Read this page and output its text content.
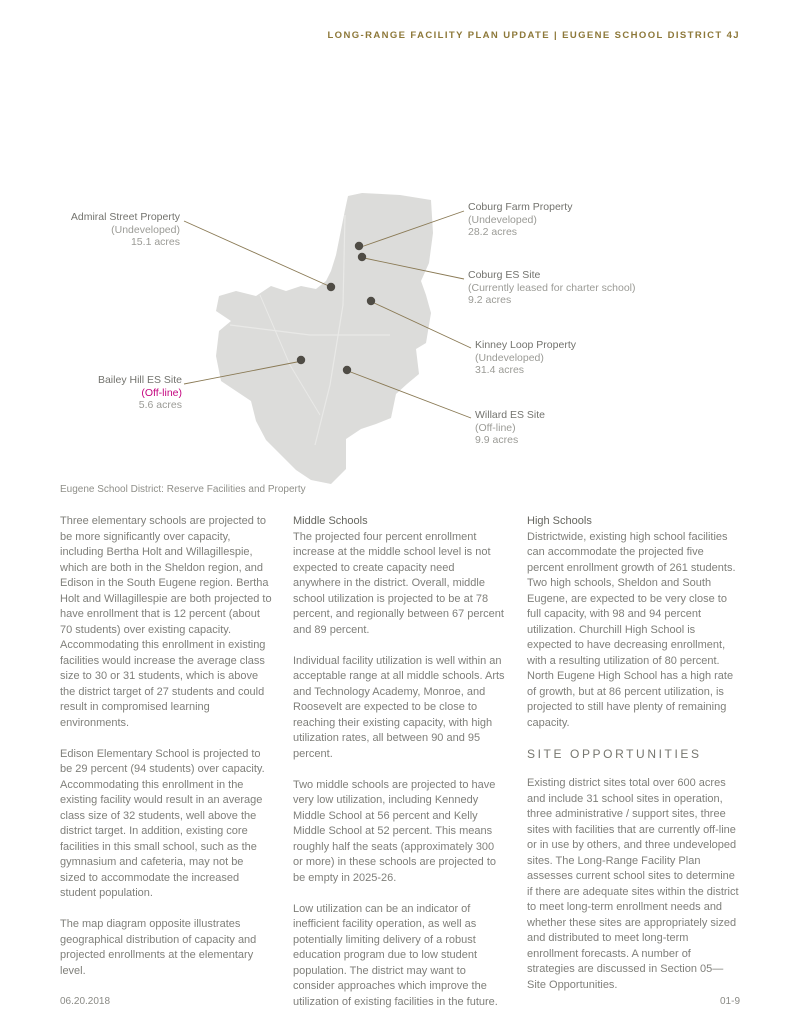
LONG-RANGE FACILITY PLAN UPDATE | EUGENE SCHOOL DISTRICT 4J
Admiral Street Property
(Undeveloped)
15.1 acres
Coburg Farm Property
(Undeveloped)
28.2 acres
Coburg ES Site
(Currently leased for charter school)
9.2 acres
Kinney Loop Property
(Undeveloped)
31.4 acres
Bailey Hill ES Site
(Off-line)
5.6 acres
Willard ES Site
(Off-line)
9.9 acres
Eugene School District: Reserve Facilities and Property

Three elementary schools are projected to be more significantly over capacity, including Bertha Holt and Willagillespie, which are both in the Sheldon region, and Edison in the South Eugene region. Bertha Holt and Willagillespie are both projected to have enrollment that is 12 percent (about 70 students) over existing capacity. Accommodating this enrollment in existing facilities would increase the average class size to 30 or 31 students, which is above the district target of 27 students and could result in compromised learning environments.

Edison Elementary School is projected to be 29 percent (94 students) over capacity. Accommodating this enrollment in the existing facility would result in an average class size of 32 students, well above the district target. In addition, existing core facilities in this small school, such as the gymnasium and cafeteria, may not be sized to accommodate the increased student population.

The map diagram opposite illustrates geographical distribution of capacity and projected enrollments at the elementary level.

Middle Schools

The projected four percent enrollment increase at the middle school level is not expected to create capacity need anywhere in the district. Overall, middle school utilization is projected to be at 78 percent, and regionally between 67 percent and 89 percent.

Individual facility utilization is well within an acceptable range at all middle schools. Arts and Technology Academy, Monroe, and Roosevelt are expected to be close to reaching their existing capacity, with high utilization rates, all between 90 and 95 percent.

Two middle schools are projected to have very low utilization, including Kennedy Middle School at 56 percent and Kelly Middle School at 52 percent. This means roughly half the seats (approximately 300 or more) in these schools are projected to be empty in 2025-26.

Low utilization can be an indicator of inefficient facility operation, as well as potentially limiting delivery of a robust education program due to low student population. The district may want to consider approaches which improve the utilization of existing facilities in the future.

High Schools

Districtwide, existing high school facilities can accommodate the projected five percent enrollment growth of 261 students. Two high schools, Sheldon and South Eugene, are expected to be very close to full capacity, with 98 and 94 percent utilization. Churchill High School is expected to have decreasing enrollment, with a resulting utilization of 80 percent. North Eugene High School has a high rate of growth, but at 86 percent utilization, is projected to still have plenty of remaining capacity.

SITE OPPORTUNITIES

Existing district sites total over 600 acres and include 31 school sites in operation, three administrative / support sites, three sites with facilities that are currently off-line or in use by others, and three undeveloped sites. The Long-Range Facility Plan assesses current school sites to determine if there are adequate sites within the district to meet long-term enrollment needs and whether these sites are appropriately sized and distributed to meet long-term enrollment forecasts. A number of strategies are discussed in Section 05—Site Opportunities.

06.20.2018	01-9
